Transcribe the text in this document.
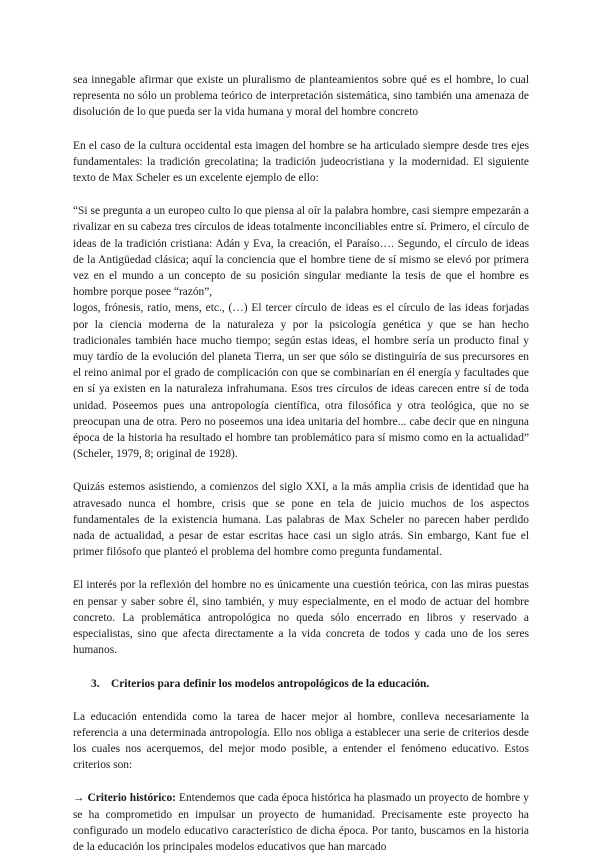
sea innegable afirmar que existe un pluralismo de planteamientos sobre qué es el hombre, lo cual representa no sólo un problema teórico de interpretación sistemática, sino también una amenaza de disolución de lo que pueda ser la vida humana y moral del hombre concreto

En el caso de la cultura occidental esta imagen del hombre se ha articulado siempre desde tres ejes fundamentales: la tradición grecolatina; la tradición judeocristiana y la modernidad. El siguiente texto de Max Scheler es un excelente ejemplo de ello:

“Si se pregunta a un europeo culto lo que piensa al oír la palabra hombre, casi siempre empezarán a rivalizar en su cabeza tres círculos de ideas totalmente inconciliables entre sí. Primero, el círculo de ideas de la tradición cristiana: Adán y Eva, la creación, el Paraíso…. Segundo, el círculo de ideas de la Antigüedad clásica; aquí la conciencia que el hombre tiene de sí mismo se elevó por primera vez en el mundo a un concepto de su posición singular mediante la tesis de que el hombre es hombre porque posee “razón”,

logos, frónesis, ratio, mens, etc., (…) El tercer círculo de ideas es el círculo de las ideas forjadas por la ciencia moderna de la naturaleza y por la psicología genética y que se han hecho tradicionales también hace mucho tiempo; según estas ideas, el hombre sería un producto final y muy tardío de la evolución del planeta Tierra, un ser que sólo se distinguiría de sus precursores en el reino animal por el grado de complicación con que se combinarían en él energía y facultades que en sí ya existen en la naturaleza infrahumana. Esos tres círculos de ideas carecen entre sí de toda unidad. Poseemos pues una antropología científica, otra filosófica y otra teológica, que no se preocupan una de otra. Pero no poseemos una idea unitaria del hombre... cabe decir que en ninguna época de la historia ha resultado el hombre tan problemático para sí mismo como en la actualidad” (Scheler, 1979, 8; original de 1928).

Quizás estemos asistiendo, a comienzos del siglo XXI, a la más amplia crisis de identidad que ha atravesado nunca el hombre, crisis que se pone en tela de juicio muchos de los aspectos fundamentales de la existencia humana. Las palabras de Max Scheler no parecen haber perdido nada de actualidad, a pesar de estar escritas hace casi un siglo atrás. Sin embargo, Kant fue el primer filósofo que planteó el problema del hombre como pregunta fundamental.

El interés por la reflexión del hombre no es únicamente una cuestión teórica, con las miras puestas en pensar y saber sobre él, sino también, y muy especialmente, en el modo de actuar del hombre concreto. La problemática antropológica no queda sólo encerrado en libros y reservado a especialistas, sino que afecta directamente a la vida concreta de todos y cada uno de los seres humanos.

3. Criterios para definir los modelos antropológicos de la educación.

La educación entendida como la tarea de hacer mejor al hombre, conlleva necesariamente la referencia a una determinada antropología. Ello nos obliga a establecer una serie de criterios desde los cuales nos acerquemos, del mejor modo posible, a entender el fenómeno educativo. Estos criterios son:

→ Criterio histórico: Entendemos que cada época histórica ha plasmado un proyecto de hombre y se ha comprometido en impulsar un proyecto de humanidad. Precisamente este proyecto ha configurado un modelo educativo característico de dicha época. Por tanto, buscamos en la historia de la educación los principales modelos educativos que han marcado
